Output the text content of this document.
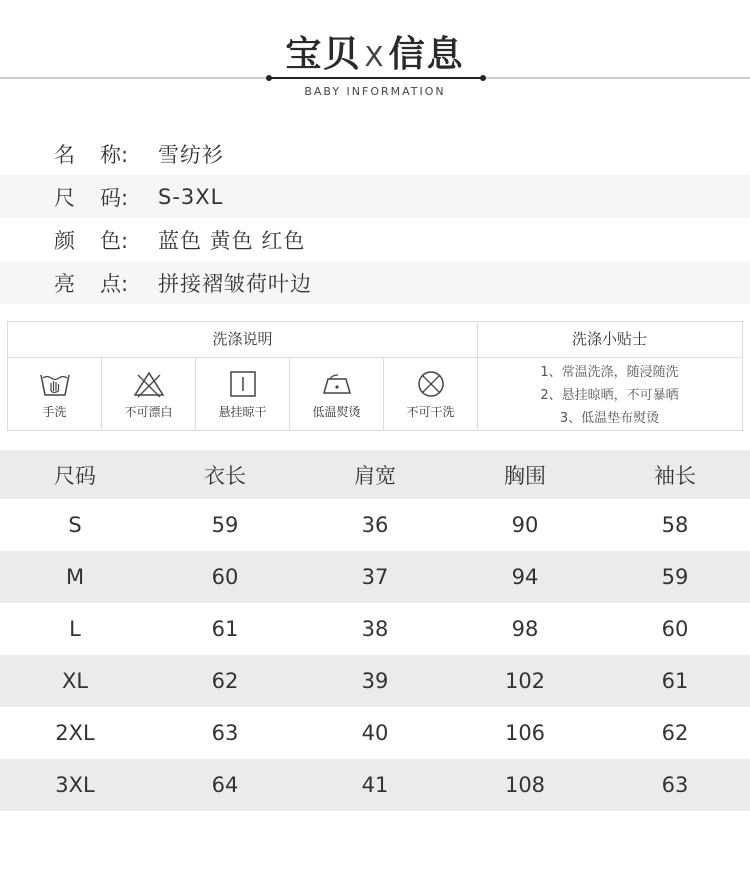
宝贝 X信息
BABY INFORMATION
名	称: 雪纺衫
尺	码: S-3XL
颜	色: 蓝色 黄色 红色
亮	点: 拼接褶皱荷叶边
洗涤说明
手洗	不可漂白	悬挂晾干	低温熨烫	不可干洗
洗涤小贴士
1、常温洗涤，随浸随洗
2、悬挂晾晒，不可暴晒
3、低温垫布熨烫
尺码	衣长	肩宽	胸围	袖长
S	59	36	90	58
M	60	37	94	59
L	61	38	98	60
XL	62	39	102	61
2XL	63	40	106	62
3XL	64	41	108	63
